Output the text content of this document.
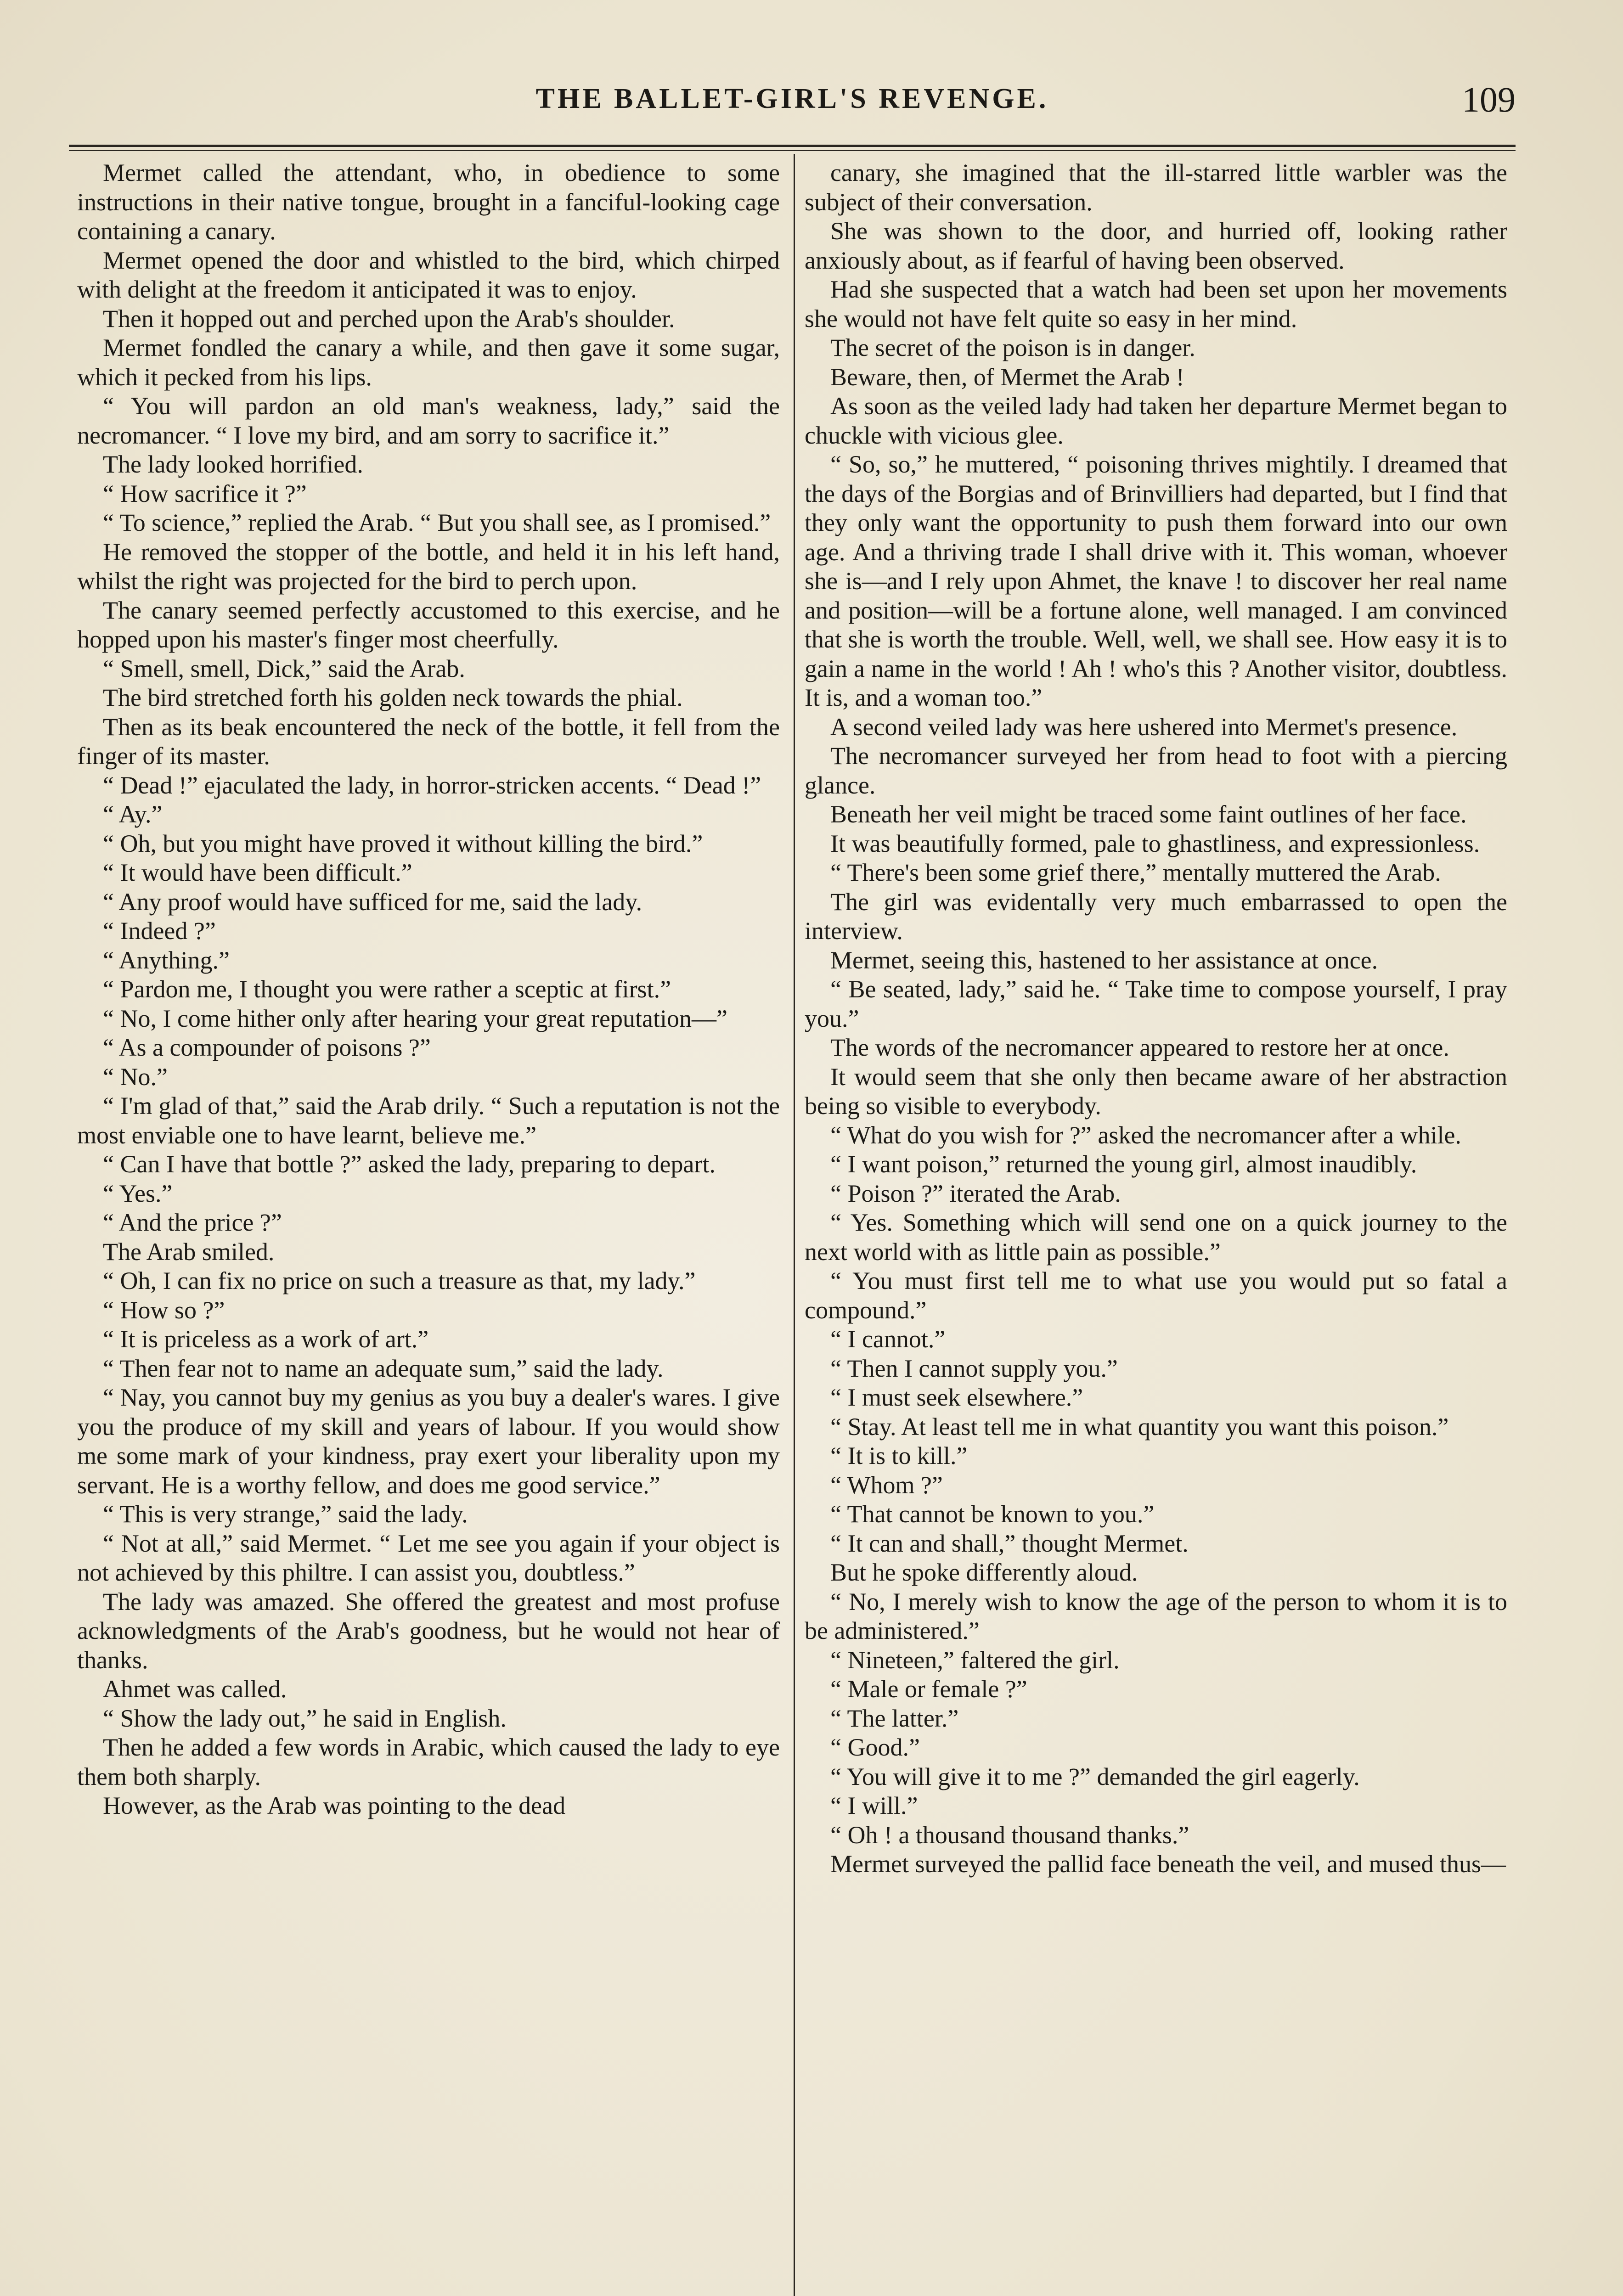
THE BALLET-GIRL'S REVENGE.	109

Mermet called the attendant, who, in obedience to some instructions in their native tongue, brought in a fanciful-looking cage containing a canary.

Mermet opened the door and whistled to the bird, which chirped with delight at the freedom it anticipated it was to enjoy.

Then it hopped out and perched upon the Arab's shoulder.

Mermet fondled the canary a while, and then gave it some sugar, which it pecked from his lips.

“ You will pardon an old man's weakness, lady,” said the necromancer. “ I love my bird, and am sorry to sacrifice it.”

The lady looked horrified.

“ How sacrifice it ?”

“ To science,” replied the Arab. “ But you shall see, as I promised.”

He removed the stopper of the bottle, and held it in his left hand, whilst the right was projected for the bird to perch upon.

The canary seemed perfectly accustomed to this exercise, and he hopped upon his master's finger most cheerfully.

“ Smell, smell, Dick,” said the Arab.

The bird stretched forth his golden neck towards the phial.

Then as its beak encountered the neck of the bottle, it fell from the finger of its master.

“ Dead !” ejaculated the lady, in horror-stricken accents. “ Dead !”

“ Ay.”

“ Oh, but you might have proved it without killing the bird.”

“ It would have been difficult.”

“ Any proof would have sufficed for me, said the lady.

“ Indeed ?”

“ Anything.”

“ Pardon me, I thought you were rather a sceptic at first.”

“ No, I come hither only after hearing your great reputation—”

“ As a compounder of poisons ?”

“ No.”

“ I'm glad of that,” said the Arab drily. “ Such a reputation is not the most enviable one to have learnt, believe me.”

“ Can I have that bottle ?” asked the lady, preparing to depart.

“ Yes.”

“ And the price ?”

The Arab smiled.

“ Oh, I can fix no price on such a treasure as that, my lady.”

“ How so ?”

“ It is priceless as a work of art.”

“ Then fear not to name an adequate sum,” said the lady.

“ Nay, you cannot buy my genius as you buy a dealer's wares. I give you the produce of my skill and years of labour. If you would show me some mark of your kindness, pray exert your liberality upon my servant. He is a worthy fellow, and does me good service.”

“ This is very strange,” said the lady.

“ Not at all,” said Mermet. “ Let me see you again if your object is not achieved by this philtre. I can assist you, doubtless.”

The lady was amazed. She offered the greatest and most profuse acknowledgments of the Arab's goodness, but he would not hear of thanks.

Ahmet was called.

“ Show the lady out,” he said in English.

Then he added a few words in Arabic, which caused the lady to eye them both sharply.

However, as the Arab was pointing to the dead

canary, she imagined that the ill-starred little warbler was the subject of their conversation.

She was shown to the door, and hurried off, looking rather anxiously about, as if fearful of having been observed.

Had she suspected that a watch had been set upon her movements she would not have felt quite so easy in her mind.

The secret of the poison is in danger.

Beware, then, of Mermet the Arab !

As soon as the veiled lady had taken her departure Mermet began to chuckle with vicious glee.

“ So, so,” he muttered, “ poisoning thrives mightily. I dreamed that the days of the Borgias and of Brinvilliers had departed, but I find that they only want the opportunity to push them forward into our own age. And a thriving trade I shall drive with it. This woman, whoever she is—and I rely upon Ahmet, the knave ! to discover her real name and position—will be a fortune alone, well managed. I am convinced that she is worth the trouble. Well, well, we shall see. How easy it is to gain a name in the world ! Ah ! who's this ? Another visitor, doubtless. It is, and a woman too.”

A second veiled lady was here ushered into Mermet's presence.

The necromancer surveyed her from head to foot with a piercing glance.

Beneath her veil might be traced some faint outlines of her face.

It was beautifully formed, pale to ghastliness, and expressionless.

“ There's been some grief there,” mentally muttered the Arab.

The girl was evidentally very much embarrassed to open the interview.

Mermet, seeing this, hastened to her assistance at once.

“ Be seated, lady,” said he. “ Take time to compose yourself, I pray you.”

The words of the necromancer appeared to restore her at once.

It would seem that she only then became aware of her abstraction being so visible to everybody.

“ What do you wish for ?” asked the necromancer after a while.

“ I want poison,” returned the young girl, almost inaudibly.

“ Poison ?” iterated the Arab.

“ Yes. Something which will send one on a quick journey to the next world with as little pain as possible.”

“ You must first tell me to what use you would put so fatal a compound.”

“ I cannot.”

“ Then I cannot supply you.”

“ I must seek elsewhere.”

“ Stay. At least tell me in what quantity you want this poison.”

“ It is to kill.”

“ Whom ?”

“ That cannot be known to you.”

“ It can and shall,” thought Mermet.

But he spoke differently aloud.

“ No, I merely wish to know the age of the person to whom it is to be administered.”

“ Nineteen,” faltered the girl.

“ Male or female ?”

“ The latter.”

“ Good.”

“ You will give it to me ?” demanded the girl eagerly.

“ I will.”

“ Oh ! a thousand thousand thanks.”

Mermet surveyed the pallid face beneath the veil, and mused thus—
